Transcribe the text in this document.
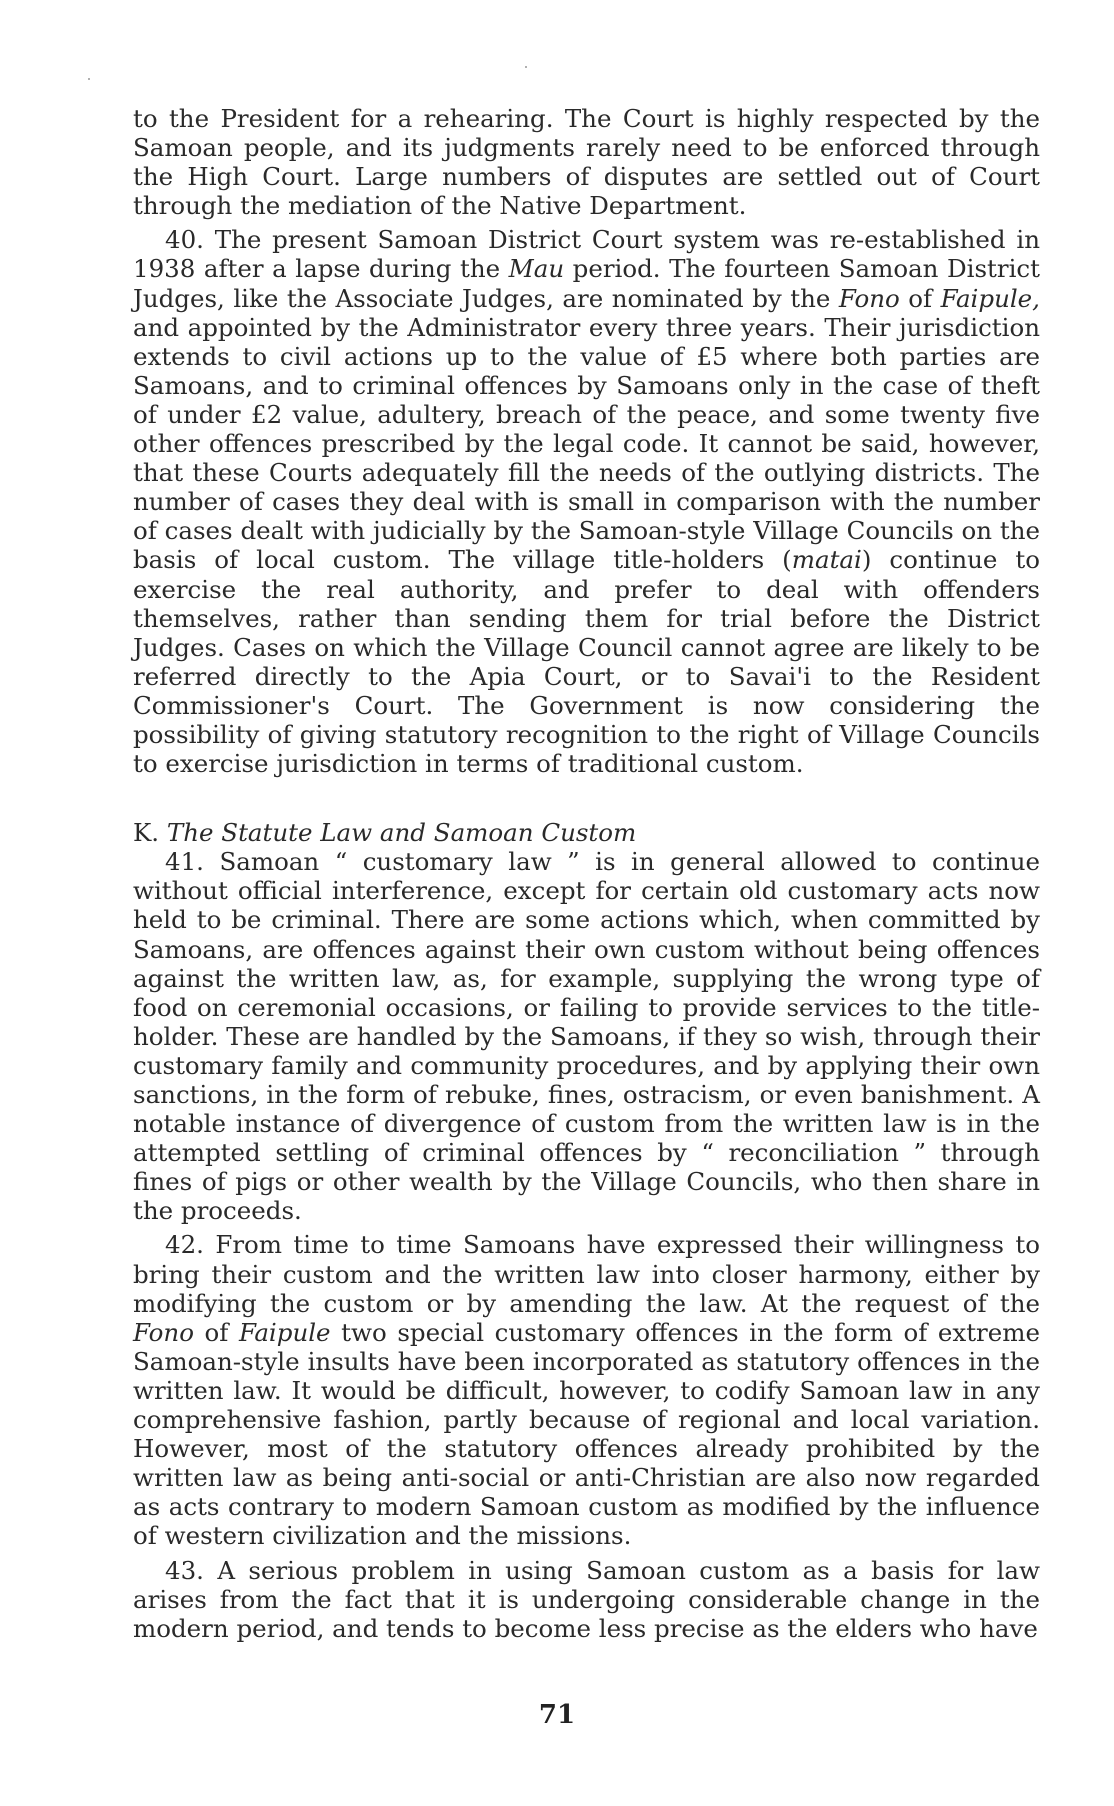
to the President for a rehearing. The Court is highly respected by the Samoan people, and its judgments rarely need to be enforced through the High Court. Large numbers of disputes are settled out of Court through the mediation of the Native Department.

40. The present Samoan District Court system was re-established in 1938 after a lapse during the Mau period. The fourteen Samoan District Judges, like the Associate Judges, are nominated by the Fono of Faipule, and appointed by the Administrator every three years. Their jurisdiction extends to civil actions up to the value of £5 where both parties are Samoans, and to criminal offences by Samoans only in the case of theft of under £2 value, adultery, breach of the peace, and some twenty five other offences prescribed by the legal code. It cannot be said, however, that these Courts adequately fill the needs of the outlying districts. The number of cases they deal with is small in comparison with the number of cases dealt with judicially by the Samoan-style Village Councils on the basis of local custom. The village title-holders (matai) continue to exercise the real authority, and prefer to deal with offenders themselves, rather than sending them for trial before the District Judges. Cases on which the Village Council cannot agree are likely to be referred directly to the Apia Court, or to Savai'i to the Resident Commissioner's Court. The Government is now considering the possibility of giving statutory recognition to the right of Village Councils to exercise jurisdiction in terms of traditional custom.

K. The Statute Law and Samoan Custom

41. Samoan “ customary law ” is in general allowed to continue without official interference, except for certain old customary acts now held to be criminal. There are some actions which, when committed by Samoans, are offences against their own custom without being offences against the written law, as, for example, supplying the wrong type of food on ceremonial occasions, or failing to provide services to the title-holder. These are handled by the Samoans, if they so wish, through their customary family and community procedures, and by applying their own sanctions, in the form of rebuke, fines, ostracism, or even banishment. A notable instance of divergence of custom from the written law is in the attempted settling of criminal offences by “ reconciliation ” through fines of pigs or other wealth by the Village Councils, who then share in the proceeds.

42. From time to time Samoans have expressed their willingness to bring their custom and the written law into closer harmony, either by modifying the custom or by amending the law. At the request of the Fono of Faipule two special customary offences in the form of extreme Samoan-style insults have been incorporated as statutory offences in the written law. It would be difficult, however, to codify Samoan law in any comprehensive fashion, partly because of regional and local variation. However, most of the statutory offences already prohibited by the written law as being anti-social or anti-Christian are also now regarded as acts contrary to modern Samoan custom as modified by the influence of western civilization and the missions.

43. A serious problem in using Samoan custom as a basis for law arises from the fact that it is undergoing considerable change in the modern period, and tends to become less precise as the elders who have

71
